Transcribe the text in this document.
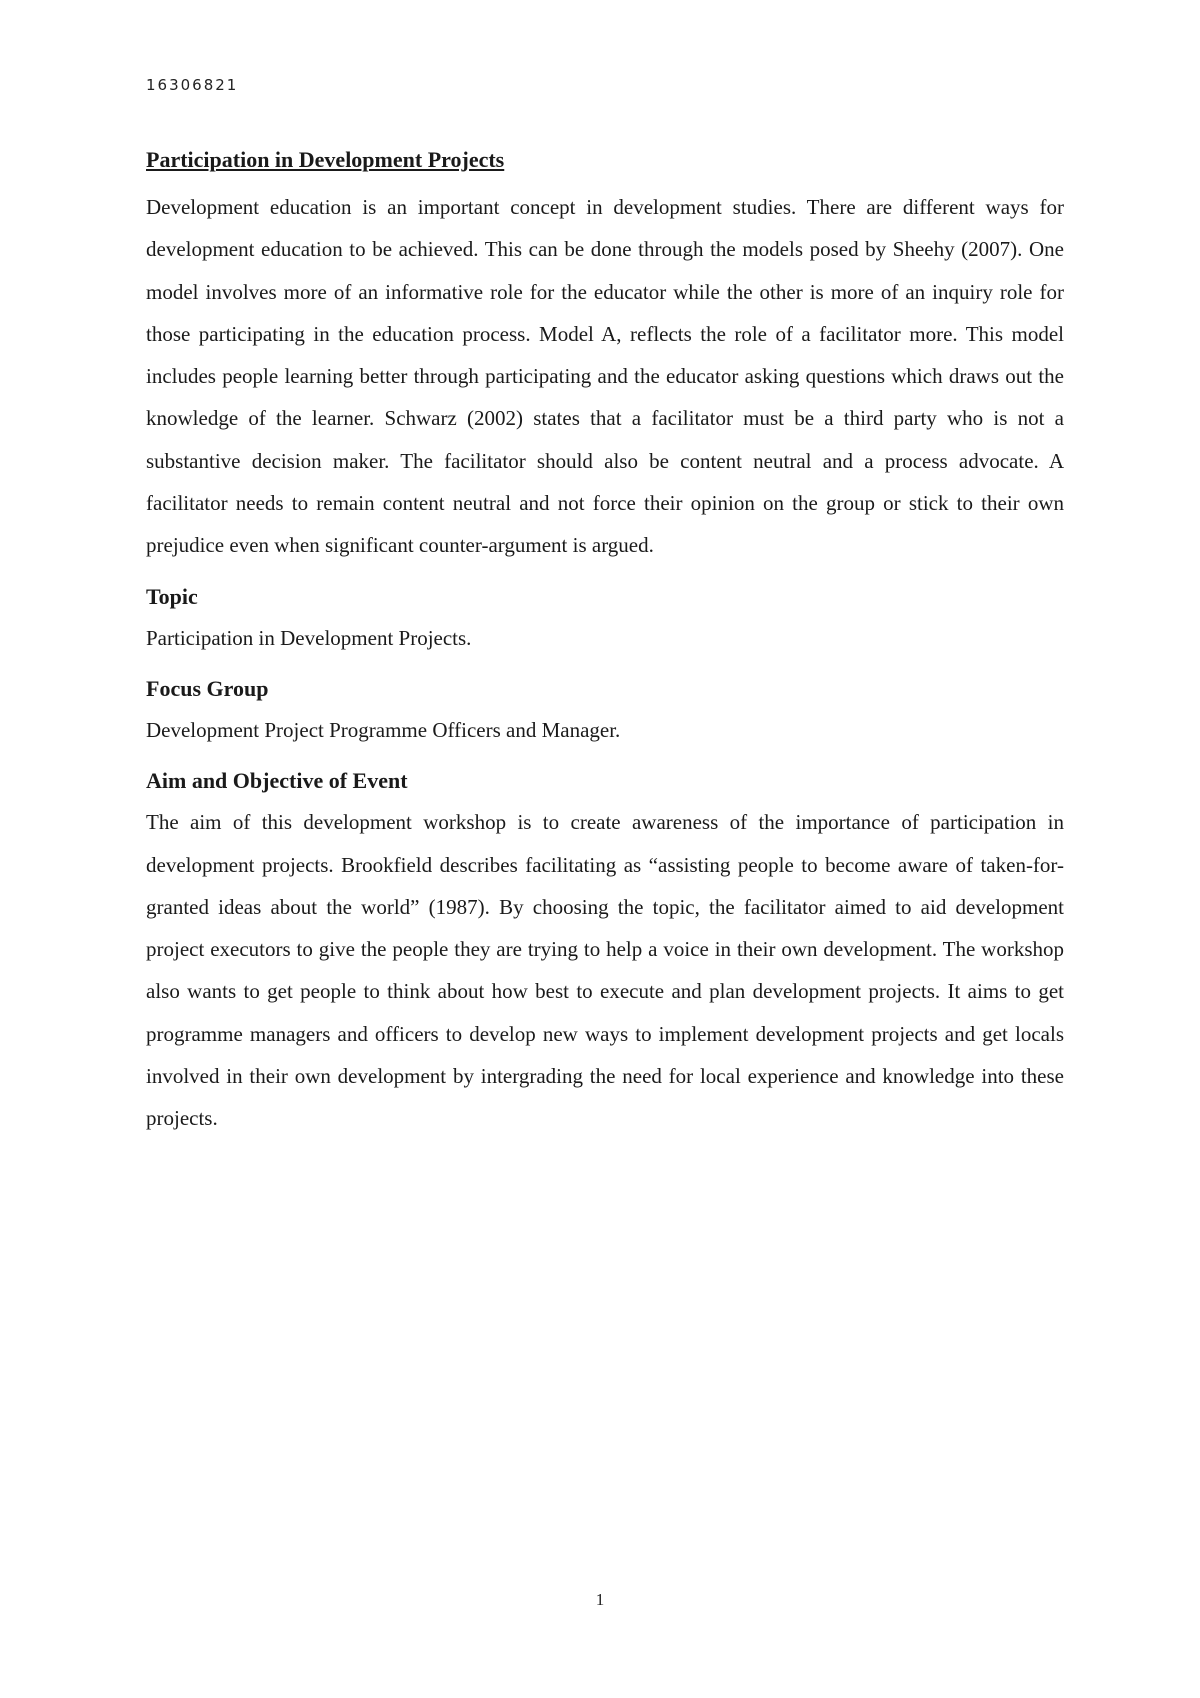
16306821
Participation in Development Projects

Development education is an important concept in development studies. There are different ways for development education to be achieved. This can be done through the models posed by Sheehy (2007). One model involves more of an informative role for the educator while the other is more of an inquiry role for those participating in the education process. Model A, reflects the role of a facilitator more. This model includes people learning better through participating and the educator asking questions which draws out the knowledge of the learner. Schwarz (2002) states that a facilitator must be a third party who is not a substantive decision maker. The facilitator should also be content neutral and a process advocate. A facilitator needs to remain content neutral and not force their opinion on the group or stick to their own prejudice even when significant counter-argument is argued.

Topic

Participation in Development Projects.

Focus Group

Development Project Programme Officers and Manager.

Aim and Objective of Event

The aim of this development workshop is to create awareness of the importance of participation in development projects. Brookfield describes facilitating as “assisting people to become aware of taken-for-granted ideas about the world” (1987). By choosing the topic, the facilitator aimed to aid development project executors to give the people they are trying to help a voice in their own development. The workshop also wants to get people to think about how best to execute and plan development projects. It aims to get programme managers and officers to develop new ways to implement development projects and get locals involved in their own development by intergrading the need for local experience and knowledge into these projects.

1
